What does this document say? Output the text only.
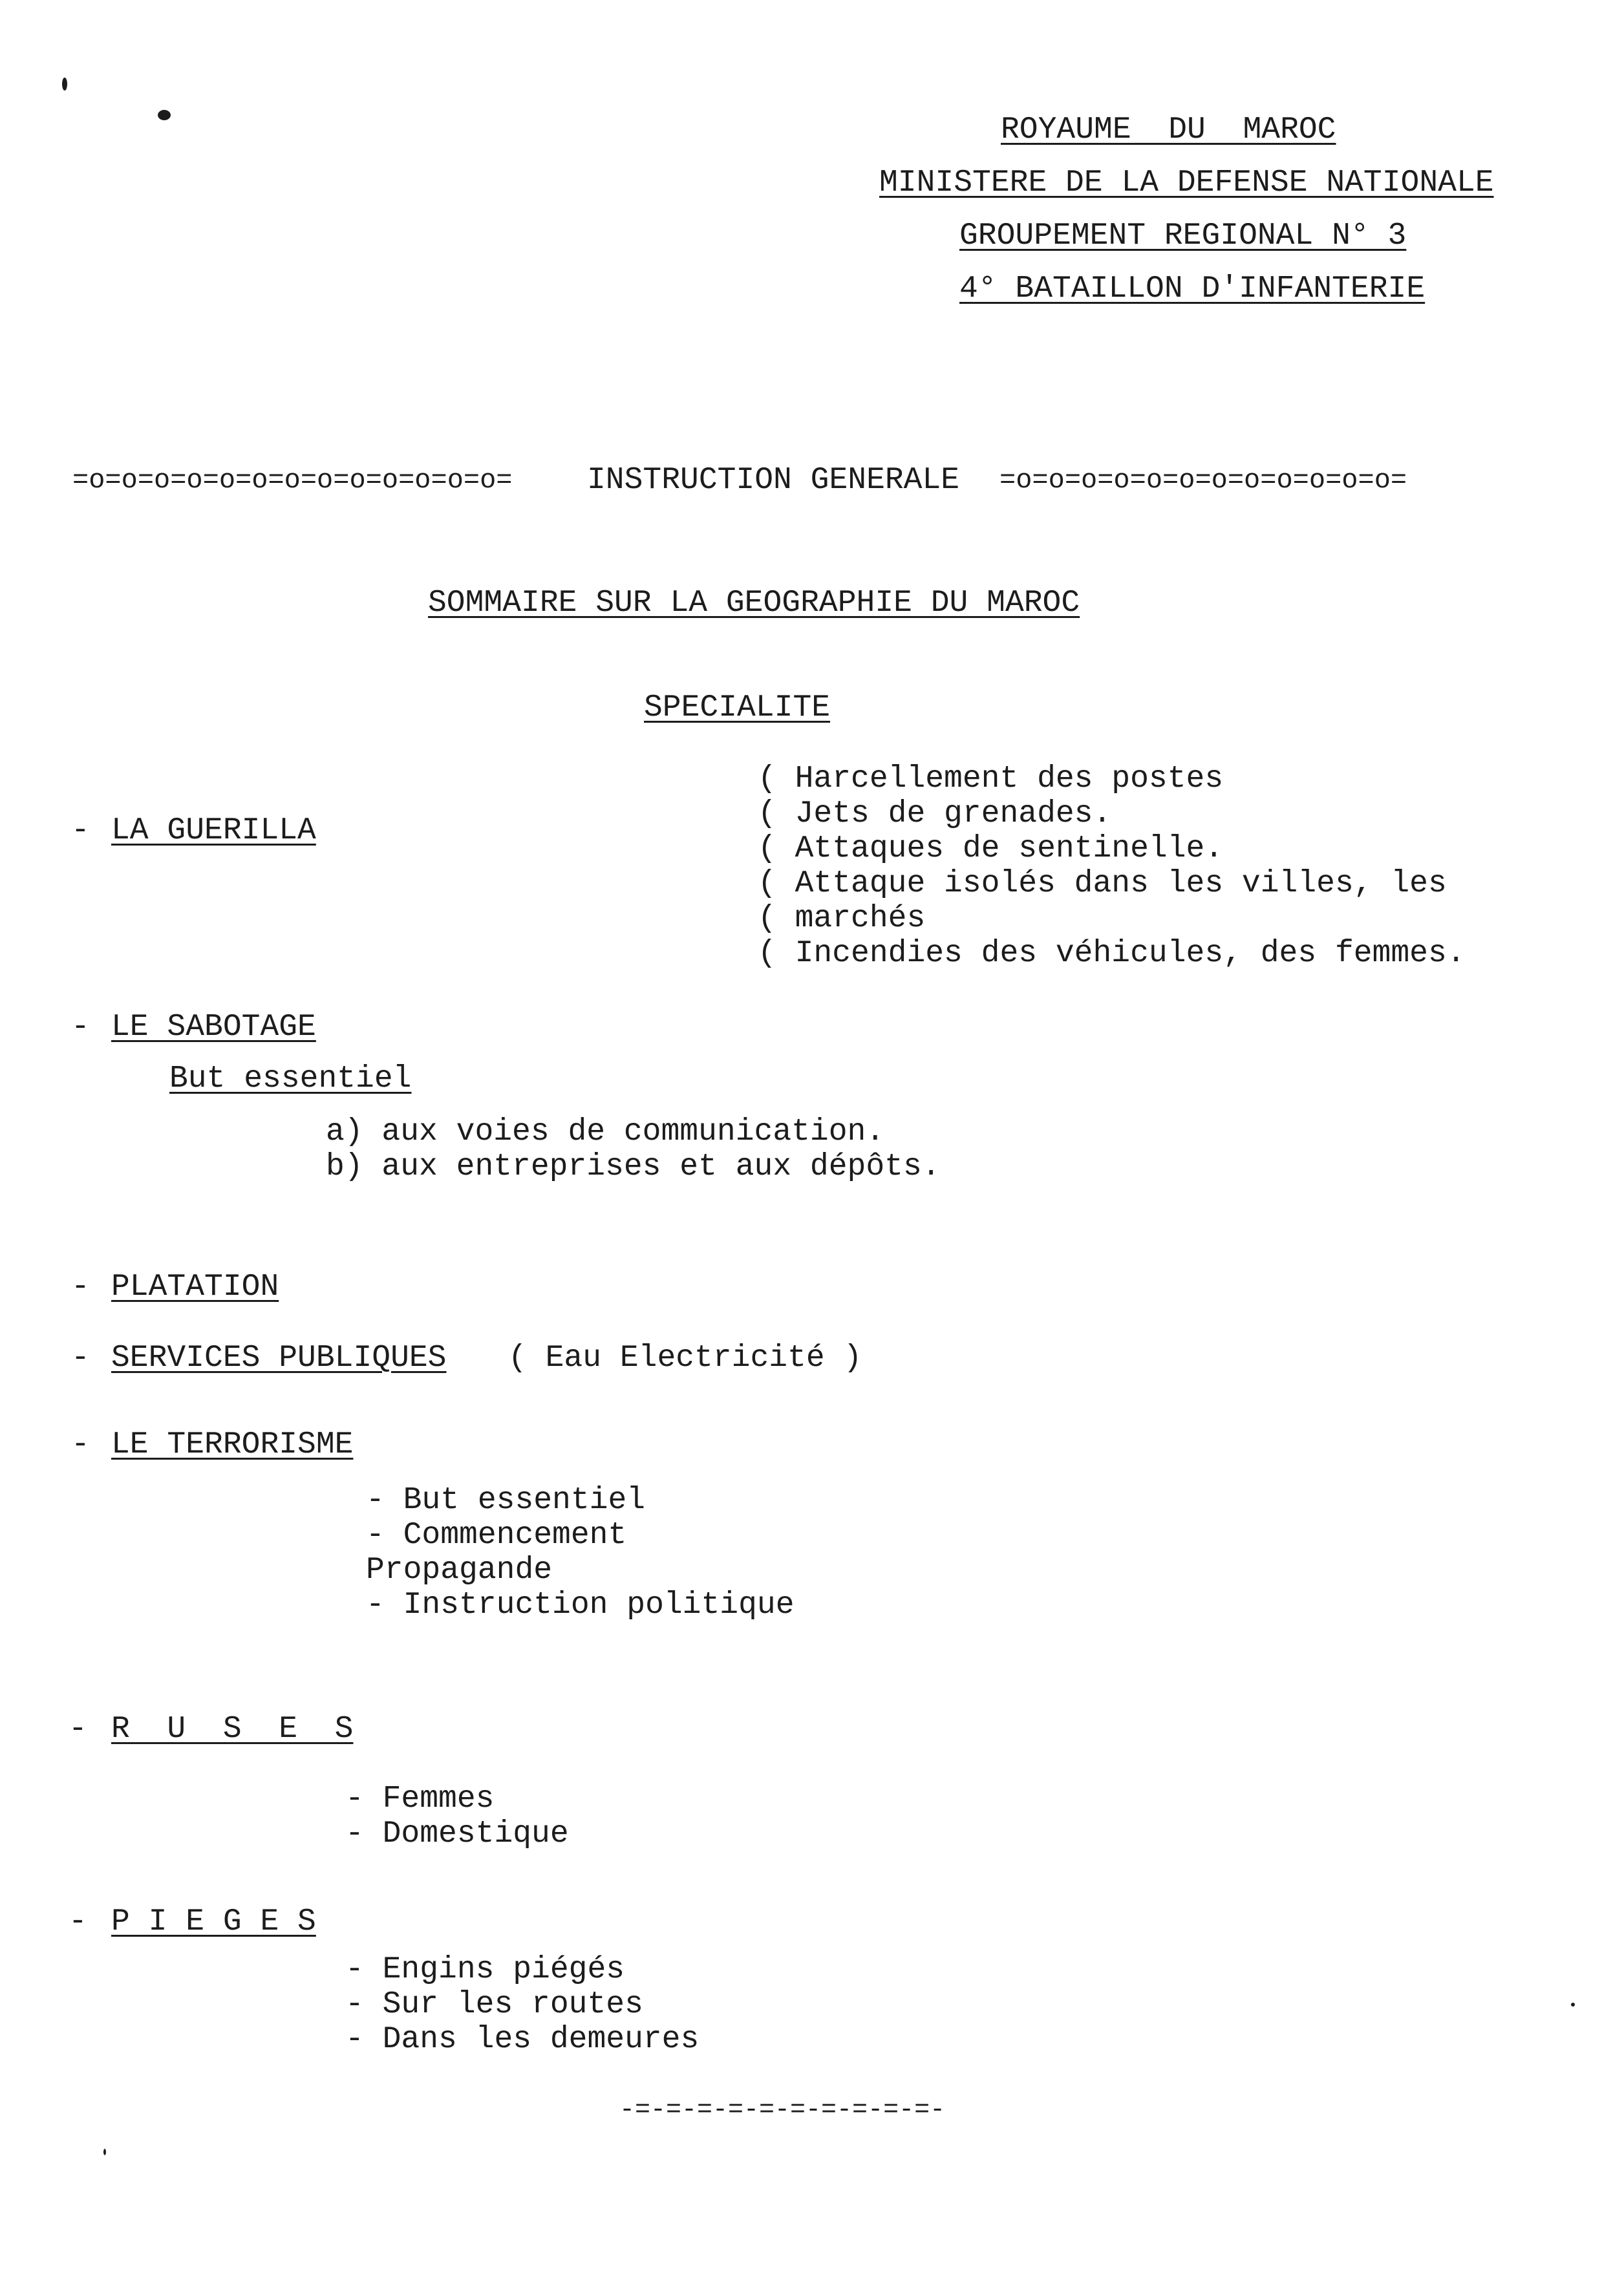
ROYAUME  DU  MAROC
MINISTERE DE LA DEFENSE NATIONALE
GROUPEMENT REGIONAL N° 3
4° BATAILLON D'INFANTERIE
=o=o=o=o=o=o=o=o=o=o=o=o=o= INSTRUCTION GENERALE =o=o=o=o=o=o=o=o=o=o=o=o=
SOMMAIRE SUR LA GEOGRAPHIE DU MAROC
SPECIALITE
- LA GUERILLA
( Harcellement des postes
( Jets de grenades.
( Attaques de sentinelle.
( Attaque isolés dans les villes, les
( marchés
( Incendies des véhicules, des femmes.
- LE SABOTAGE
But essentiel
a) aux voies de communication.
b) aux entreprises et aux dépôts.
- PLATATION
- SERVICES PUBLIQUES ( Eau Electricité )
- LE TERRORISME
- But essentiel
- Commencement
Propagande
- Instruction politique
- R  U  S  E  S
- Femmes
- Domestique
- P I E G E S
- Engins piégés
- Sur les routes
- Dans les demeures
-=-=-=-=-=-=-=-=-=-=-
